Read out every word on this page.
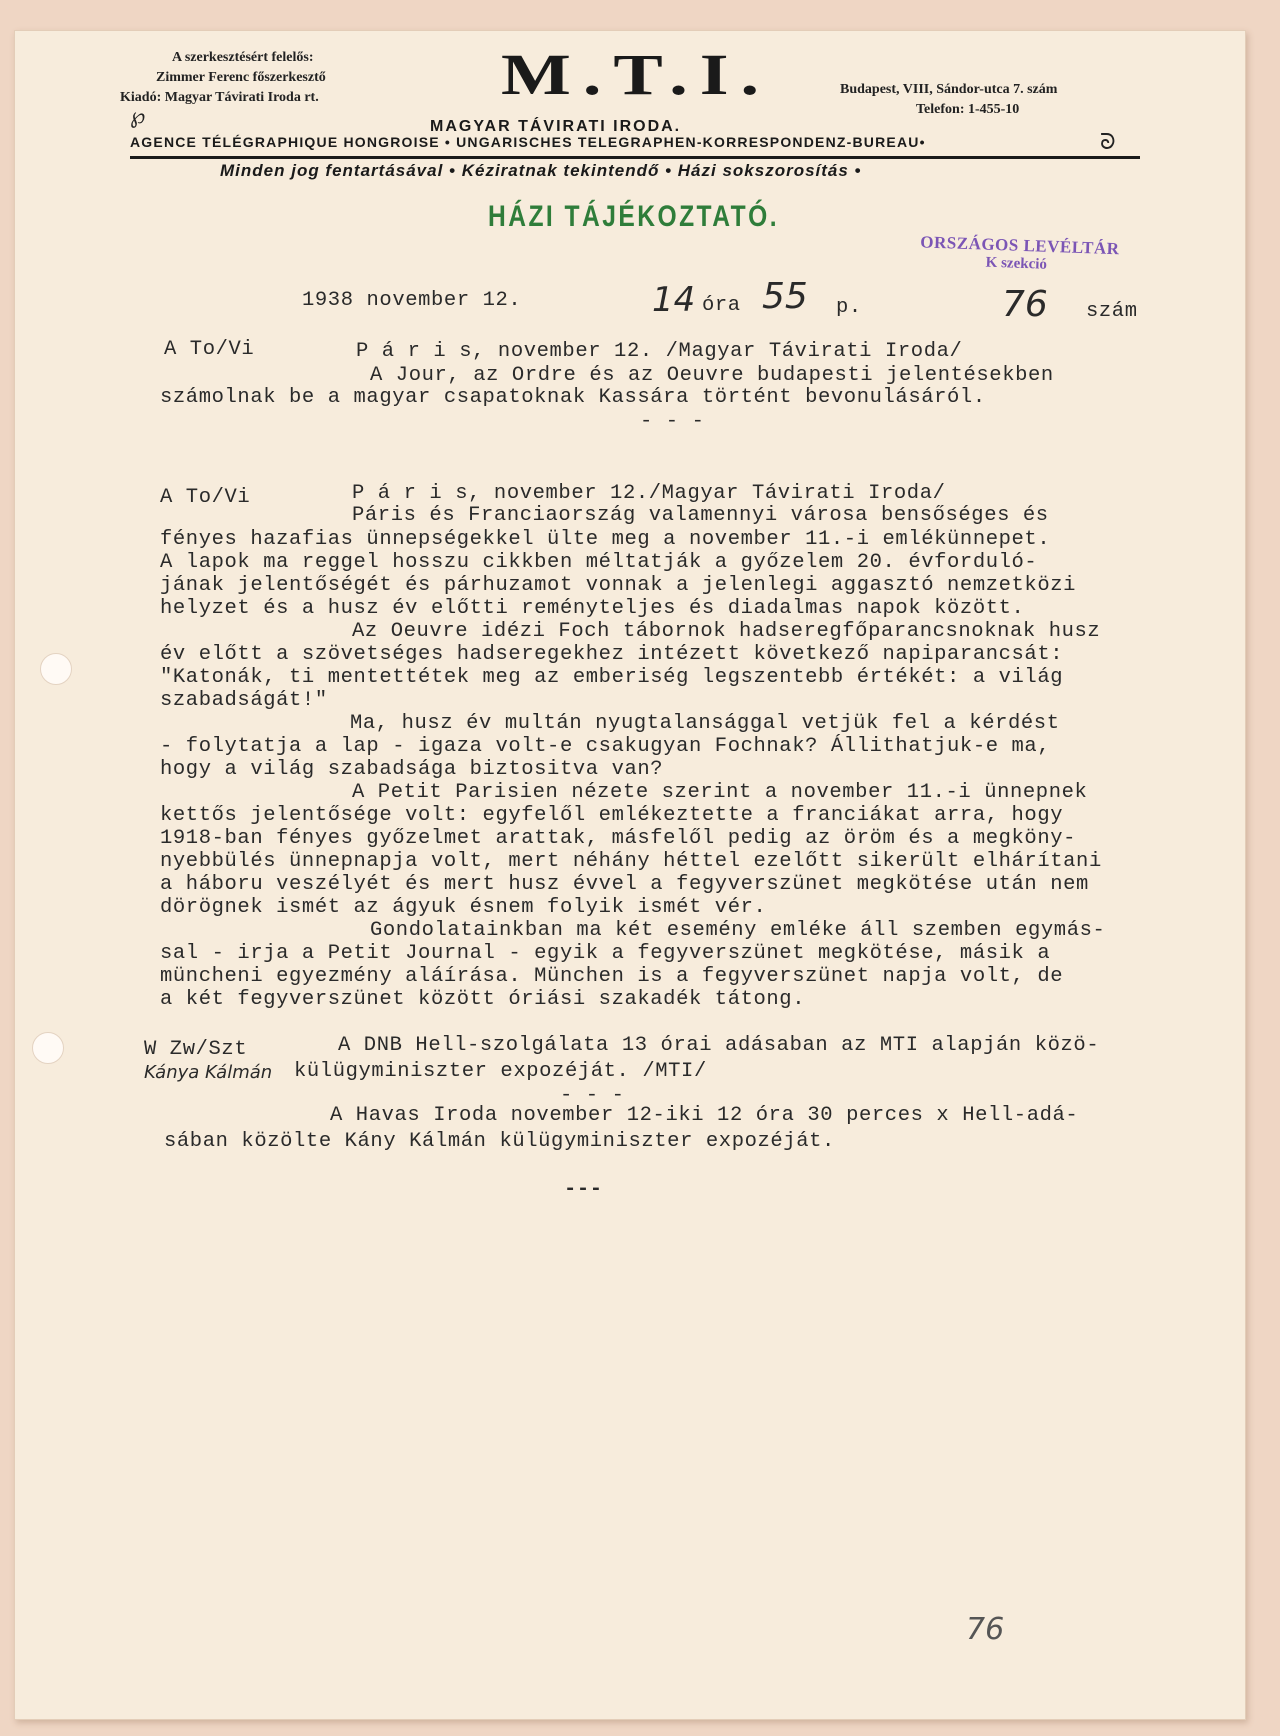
A szerkesztésért felelős:
Zimmer Ferenc főszerkesztő
Kiadó: Magyar Távirati Iroda rt.	M.T.I.	Budapest, VIII, Sándor-utca 7. szám
Telefon: 1-455-10
℘	MAGYAR TÁVIRATI IRODA.
AGENCE TÉLÉGRAPHIQUE HONGROISE • UNGARISCHES TELEGRAPHEN-KORRESPONDENZ-BUREAU•
Minden jog fentartásával • Kéziratnak tekintendő • Házi sokszorosítás •
ᘐ
HÁZI TÁJÉKOZTATÓ.
ORSZÁGOS LEVÉLTÁR
K szekció
1938 november 12.	14 óra 55 p.	76 szám
A To/Vi	P á r i s, november 12. /Magyar Távirati Iroda/
A Jour, az Ordre és az Oeuvre budapesti jelentésekben
számolnak be a magyar csapatoknak Kassára történt bevonulásáról.
- - -
A To/Vi	P á r i s, november 12./Magyar Távirati Iroda/
Páris és Franciaország valamennyi városa bensőséges és
fényes hazafias ünnepségekkel ülte meg a november 11.-i emlékünnepet.
A lapok ma reggel hosszu cikkben méltatják a győzelem 20. évforduló-
jának jelentőségét és párhuzamot vonnak a jelenlegi aggasztó nemzetközi
helyzet és a husz év előtti reményteljes és diadalmas napok között.
Az Oeuvre idézi Foch tábornok hadseregfőparancsnoknak husz
év előtt a szövetséges hadseregekhez intézett következő napiparancsát:
"Katonák, ti mentettétek meg az emberiség legszentebb értékét: a világ
szabadságát!"
Ma, husz év multán nyugtalansággal vetjük fel a kérdést
- folytatja a lap - igaza volt-e csakugyan Fochnak? Állithatjuk-e ma,
hogy a világ szabadsága biztositva van?
A Petit Parisien nézete szerint a november 11.-i ünnepnek
kettős jelentősége volt: egyfelől emlékeztette a franciákat arra, hogy
1918-ban fényes győzelmet arattak, másfelől pedig az öröm és a megköny-
nyebbülés ünnepnapja volt, mert néhány héttel ezelőtt sikerült elhárítani
a háboru veszélyét és mert husz évvel a fegyverszünet megkötése után nem
dörögnek ismét az ágyuk ésnem folyik ismét vér.
Gondolatainkban ma két esemény emléke áll szemben egymás-
sal - irja a Petit Journal - egyik a fegyverszünet megkötése, másik a
müncheni egyezmény aláírása. München is a fegyverszünet napja volt, de
a két fegyverszünet között óriási szakadék tátong.
W Zw/Szt	A DNB Hell-szolgálata 13 órai adásaban az MTI alapján közö-
Kánya Kálmán külügyminiszter expozéját. /MTI/
- - -
A Havas Iroda november 12-iki 12 óra 30 perces x Hell-adá-
sában közölte Kány Kálmán külügyminiszter expozéját.
---
76
